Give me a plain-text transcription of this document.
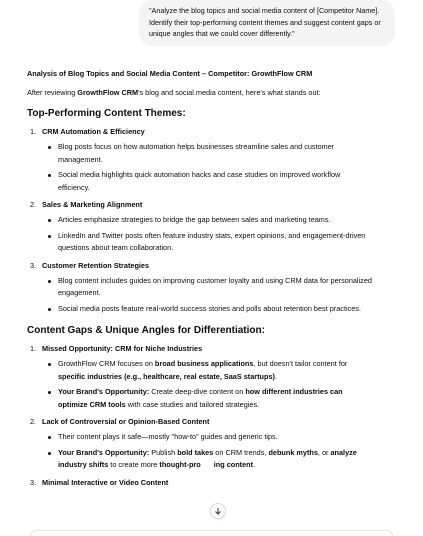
"Analyze the blog topics and social media content of [Competitor Name]. Identify their top-performing content themes and suggest content gaps or unique angles that we could cover differently."

Analysis of Blog Topics and Social Media Content – Competitor: GrowthFlow CRM

After reviewing GrowthFlow CRM's blog and social media content, here's what stands out:

Top-Performing Content Themes:
1. CRM Automation & Efficiency
Blog posts focus on how automation helps businesses streamline sales and customer management.
Social media highlights quick automation hacks and case studies on improved workflow efficiency.
2. Sales & Marketing Alignment
Articles emphasize strategies to bridge the gap between sales and marketing teams.
LinkedIn and Twitter posts often feature industry stats, expert opinions, and engagement-driven questions about team collaboration.
3. Customer Retention Strategies
Blog content includes guides on improving customer loyalty and using CRM data for personalized engagement.
Social media posts feature real-world success stories and polls about retention best practices.
Content Gaps & Unique Angles for Differentiation:
1. Missed Opportunity: CRM for Niche Industries
GrowthFlow CRM focuses on broad business applications, but doesn't tailor content for specific industries (e.g., healthcare, real estate, SaaS startups).
Your Brand's Opportunity: Create deep-dive content on how different industries can optimize CRM tools with case studies and tailored strategies.
2. Lack of Controversial or Opinion-Based Content
Their content plays it safe—mostly "how-to" guides and generic tips.
Your Brand's Opportunity: Publish bold takes on CRM trends, debunk myths, or analyze industry shifts to create more thought-pro ing content.
3. Minimal Interactive or Video Content
